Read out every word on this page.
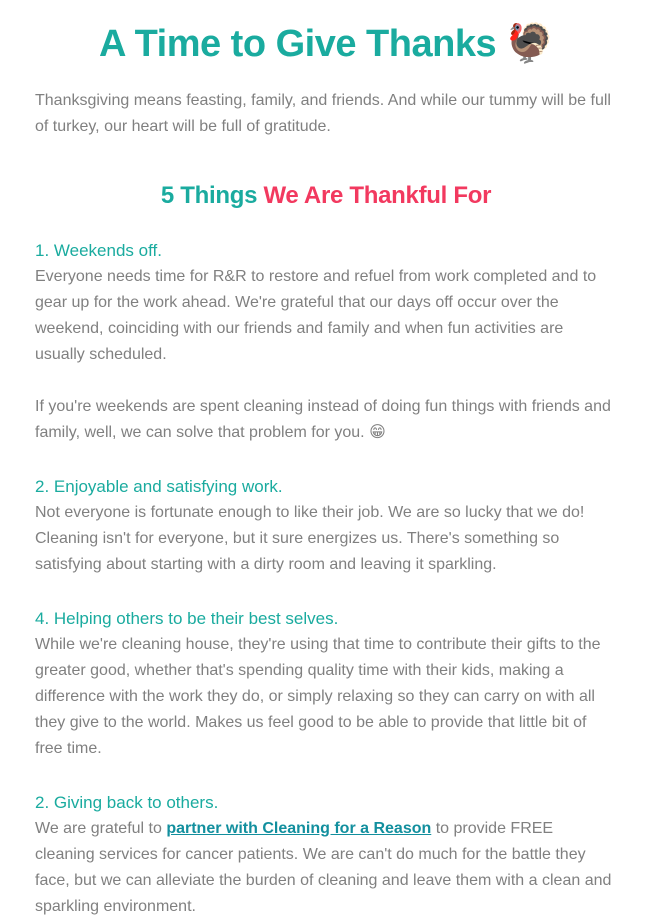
A Time to Give Thanks 🦃

Thanksgiving means feasting, family, and friends. And while our tummy will be full of turkey, our heart will be full of gratitude.

5 Things We Are Thankful For
1. Weekends off.

Everyone needs time for R&R to restore and refuel from work completed and to gear up for the work ahead. We're grateful that our days off occur over the weekend, coinciding with our friends and family and when fun activities are usually scheduled.

If you're weekends are spent cleaning instead of doing fun things with friends and family, well, we can solve that problem for you. 😁

2. Enjoyable and satisfying work.

Not everyone is fortunate enough to like their job. We are so lucky that we do! Cleaning isn't for everyone, but it sure energizes us. There's something so satisfying about starting with a dirty room and leaving it sparkling.

4. Helping others to be their best selves.

While we're cleaning house, they're using that time to contribute their gifts to the greater good, whether that's spending quality time with their kids, making a difference with the work they do, or simply relaxing so they can carry on with all they give to the world. Makes us feel good to be able to provide that little bit of free time.

2. Giving back to others.

We are grateful to partner with Cleaning for a Reason to provide FREE cleaning services for cancer patients. We are can't do much for the battle they face, but we can alleviate the burden of cleaning and leave them with a clean and sparkling environment.
